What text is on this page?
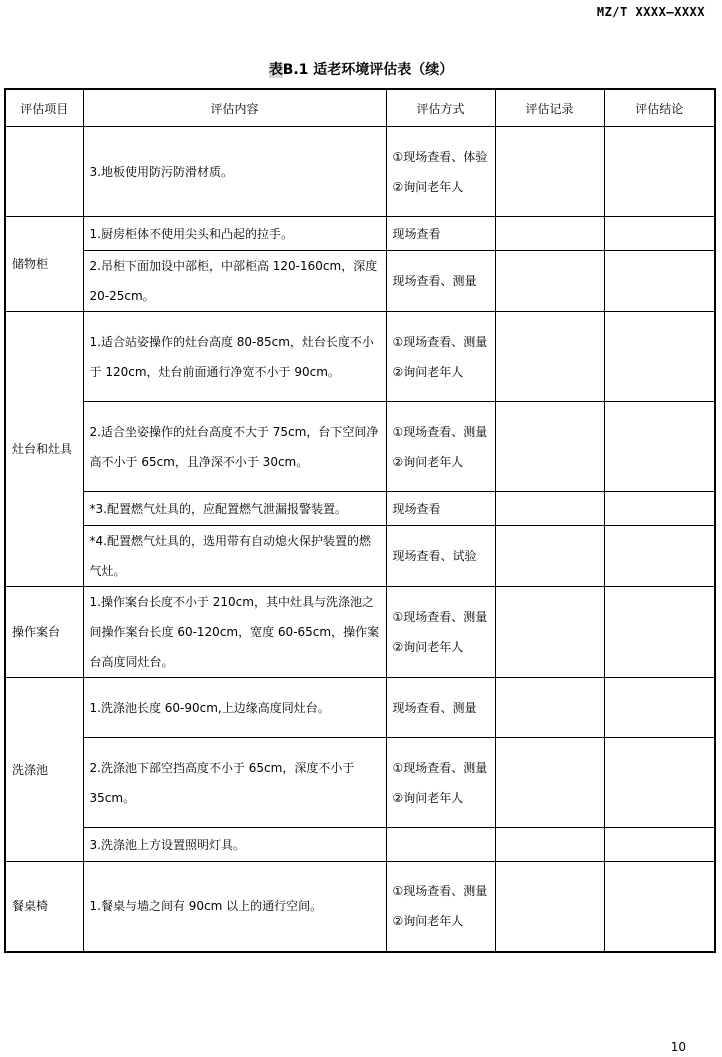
MZ/T XXXX—XXXX
表B.1 适老环境评估表（续）
评估项目	评估内容	评估方式	评估记录	评估结论
	3.地板使用防污防滑材质。	①现场查看、体验②询问老年人		
储物柜	1.厨房柜体不使用尖头和凸起的拉手。	现场查看		
	2.吊柜下面加设中部柜，中部柜高 120-160cm，深度 20-25cm。	现场查看、测量		
灶台和灶具	1.适合站姿操作的灶台高度 80-85cm，灶台长度不小于 120cm，灶台前面通行净宽不小于 90cm。	①现场查看、测量②询问老年人		
	2.适合坐姿操作的灶台高度不大于 75cm，台下空间净高不小于 65cm，且净深不小于 30cm。	①现场查看、测量②询问老年人		
	*3.配置燃气灶具的，应配置燃气泄漏报警装置。	现场查看		
	*4.配置燃气灶具的，选用带有自动熄火保护装置的燃气灶。	现场查看、试验		
操作案台	1.操作案台长度不小于 210cm，其中灶具与洗涤池之间操作案台长度 60-120cm，宽度 60-65cm，操作案台高度同灶台。	①现场查看、测量②询问老年人		
洗涤池	1.洗涤池长度 60-90cm,上边缘高度同灶台。	现场查看、测量		
	2.洗涤池下部空挡高度不小于 65cm，深度不小于 35cm。	①现场查看、测量②询问老年人		
	3.洗涤池上方设置照明灯具。			
餐桌椅	1.餐桌与墙之间有 90cm 以上的通行空间。	①现场查看、测量②询问老年人		
10
